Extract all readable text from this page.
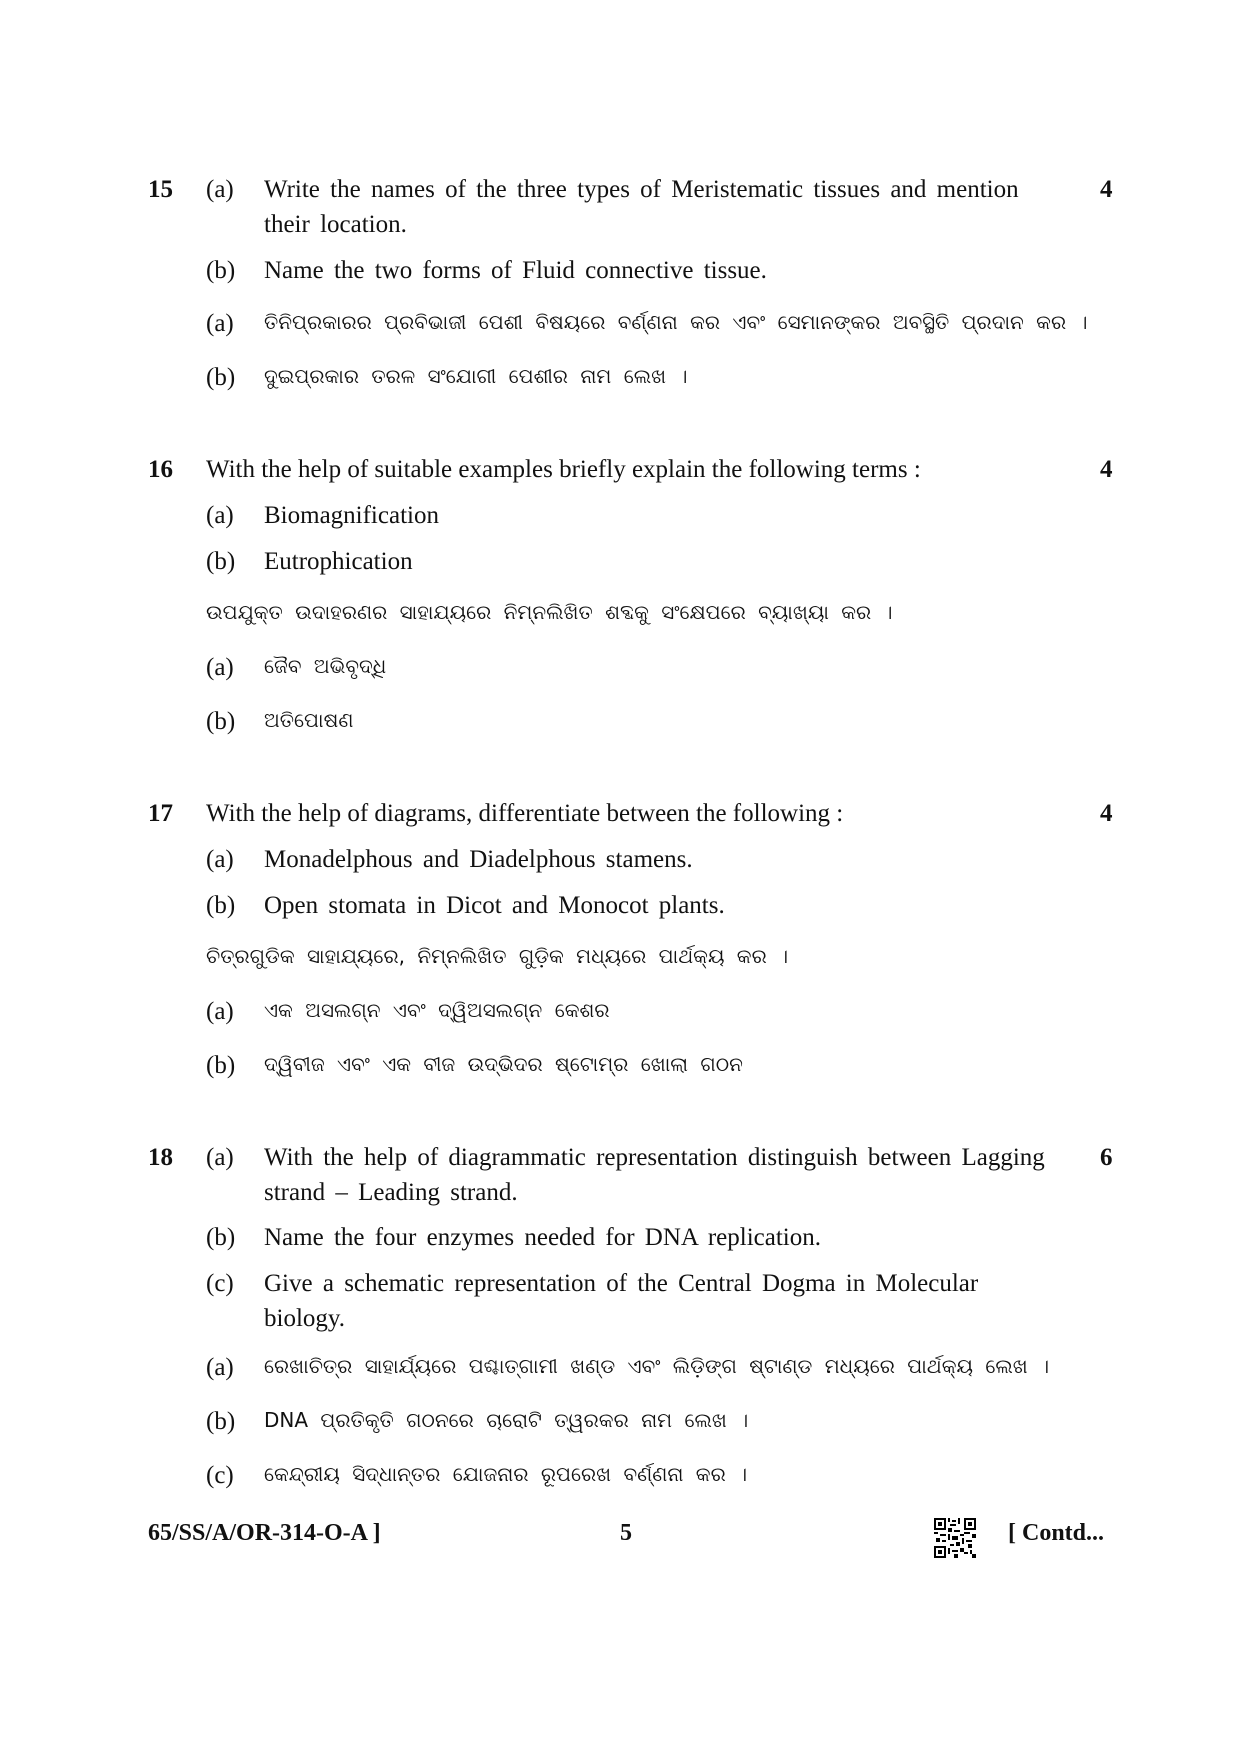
15	4
(a) Write the names of the three types of Meristematic tissues and mention their location.
(b) Name the two forms of Fluid connective tissue.
(a) ତିନିପ୍ରକାରର ପ୍ରବିଭାଜୀ ପେଶୀ ବିଷୟରେ ବର୍ଣ୍ଣନା କର ଏବଂ ସେମାନଙ୍କର ଅବସ୍ଥିତି ପ୍ରଦାନ କର ।
(b) ଦୁଇପ୍ରକାର ତରଳ ସଂଯୋଗୀ ପେଶୀର ନାମ ଲେଖ ।
16	4
With the help of suitable examples briefly explain the following terms :
(a) Biomagnification
(b) Eutrophication
ଉପଯୁକ୍ତ ଉଦାହରଣର ସାହାଯ୍ୟରେ ନିମ୍ନଲିଖିତ ଶବ୍ଦକୁ ସଂକ୍ଷେପରେ ବ୍ୟାଖ୍ୟା କର ।
(a) ଜୈବ ଅଭିବୃଦ୍ଧି
(b) ଅତିପୋଷଣ
17	4
With the help of diagrams, differentiate between the following :
(a) Monadelphous and Diadelphous stamens.
(b) Open stomata in Dicot and Monocot plants.
ଚିତ୍ରଗୁଡିକ ସାହାଯ୍ୟରେ, ନିମ୍ନଲିଖିତ ଗୁଡ଼ିକ ମଧ୍ୟରେ ପାର୍ଥକ୍ୟ କର ।
(a) ଏକ ଅସଲଗ୍ନ ଏବଂ ଦ୍ୱିଅସଲଗ୍ନ କେଶର
(b) ଦ୍ୱିବୀଜ ଏବଂ ଏକ ବୀଜ ଉଦ୍ଭିଦର ଷ୍ଟୋମ୍‌ର ଖୋଲା ଗଠନ
18	6
(a) With the help of diagrammatic representation distinguish between Lagging strand – Leading strand.
(b) Name the four enzymes needed for DNA replication.
(c) Give a schematic representation of the Central Dogma in Molecular biology.
(a) ରେଖାଚିତ୍ର ସାହାର୍ଯ୍ୟରେ ପଶ୍ଚାତ୍‌ଗାମୀ ଖଣ୍ଡ ଏବଂ ଲିଡ଼ିଙ୍ଗ ଷ୍ଟାଣ୍ଡ ମଧ୍ୟରେ ପାର୍ଥକ୍ୟ ଲେଖ ।
(b) DNA ପ୍ରତିକୃତି ଗଠନରେ ଚାରୋଟି ତ୍ୱରକର ନାମ ଲେଖ ।
(c) କେନ୍ଦ୍ରୀୟ ସିଦ୍ଧାନ୍ତର ଯୋଜନାର ରୂପରେଖ ବର୍ଣ୍ଣନା କର ।
65/SS/A/OR-314-O-A ]	5	[ Contd...
